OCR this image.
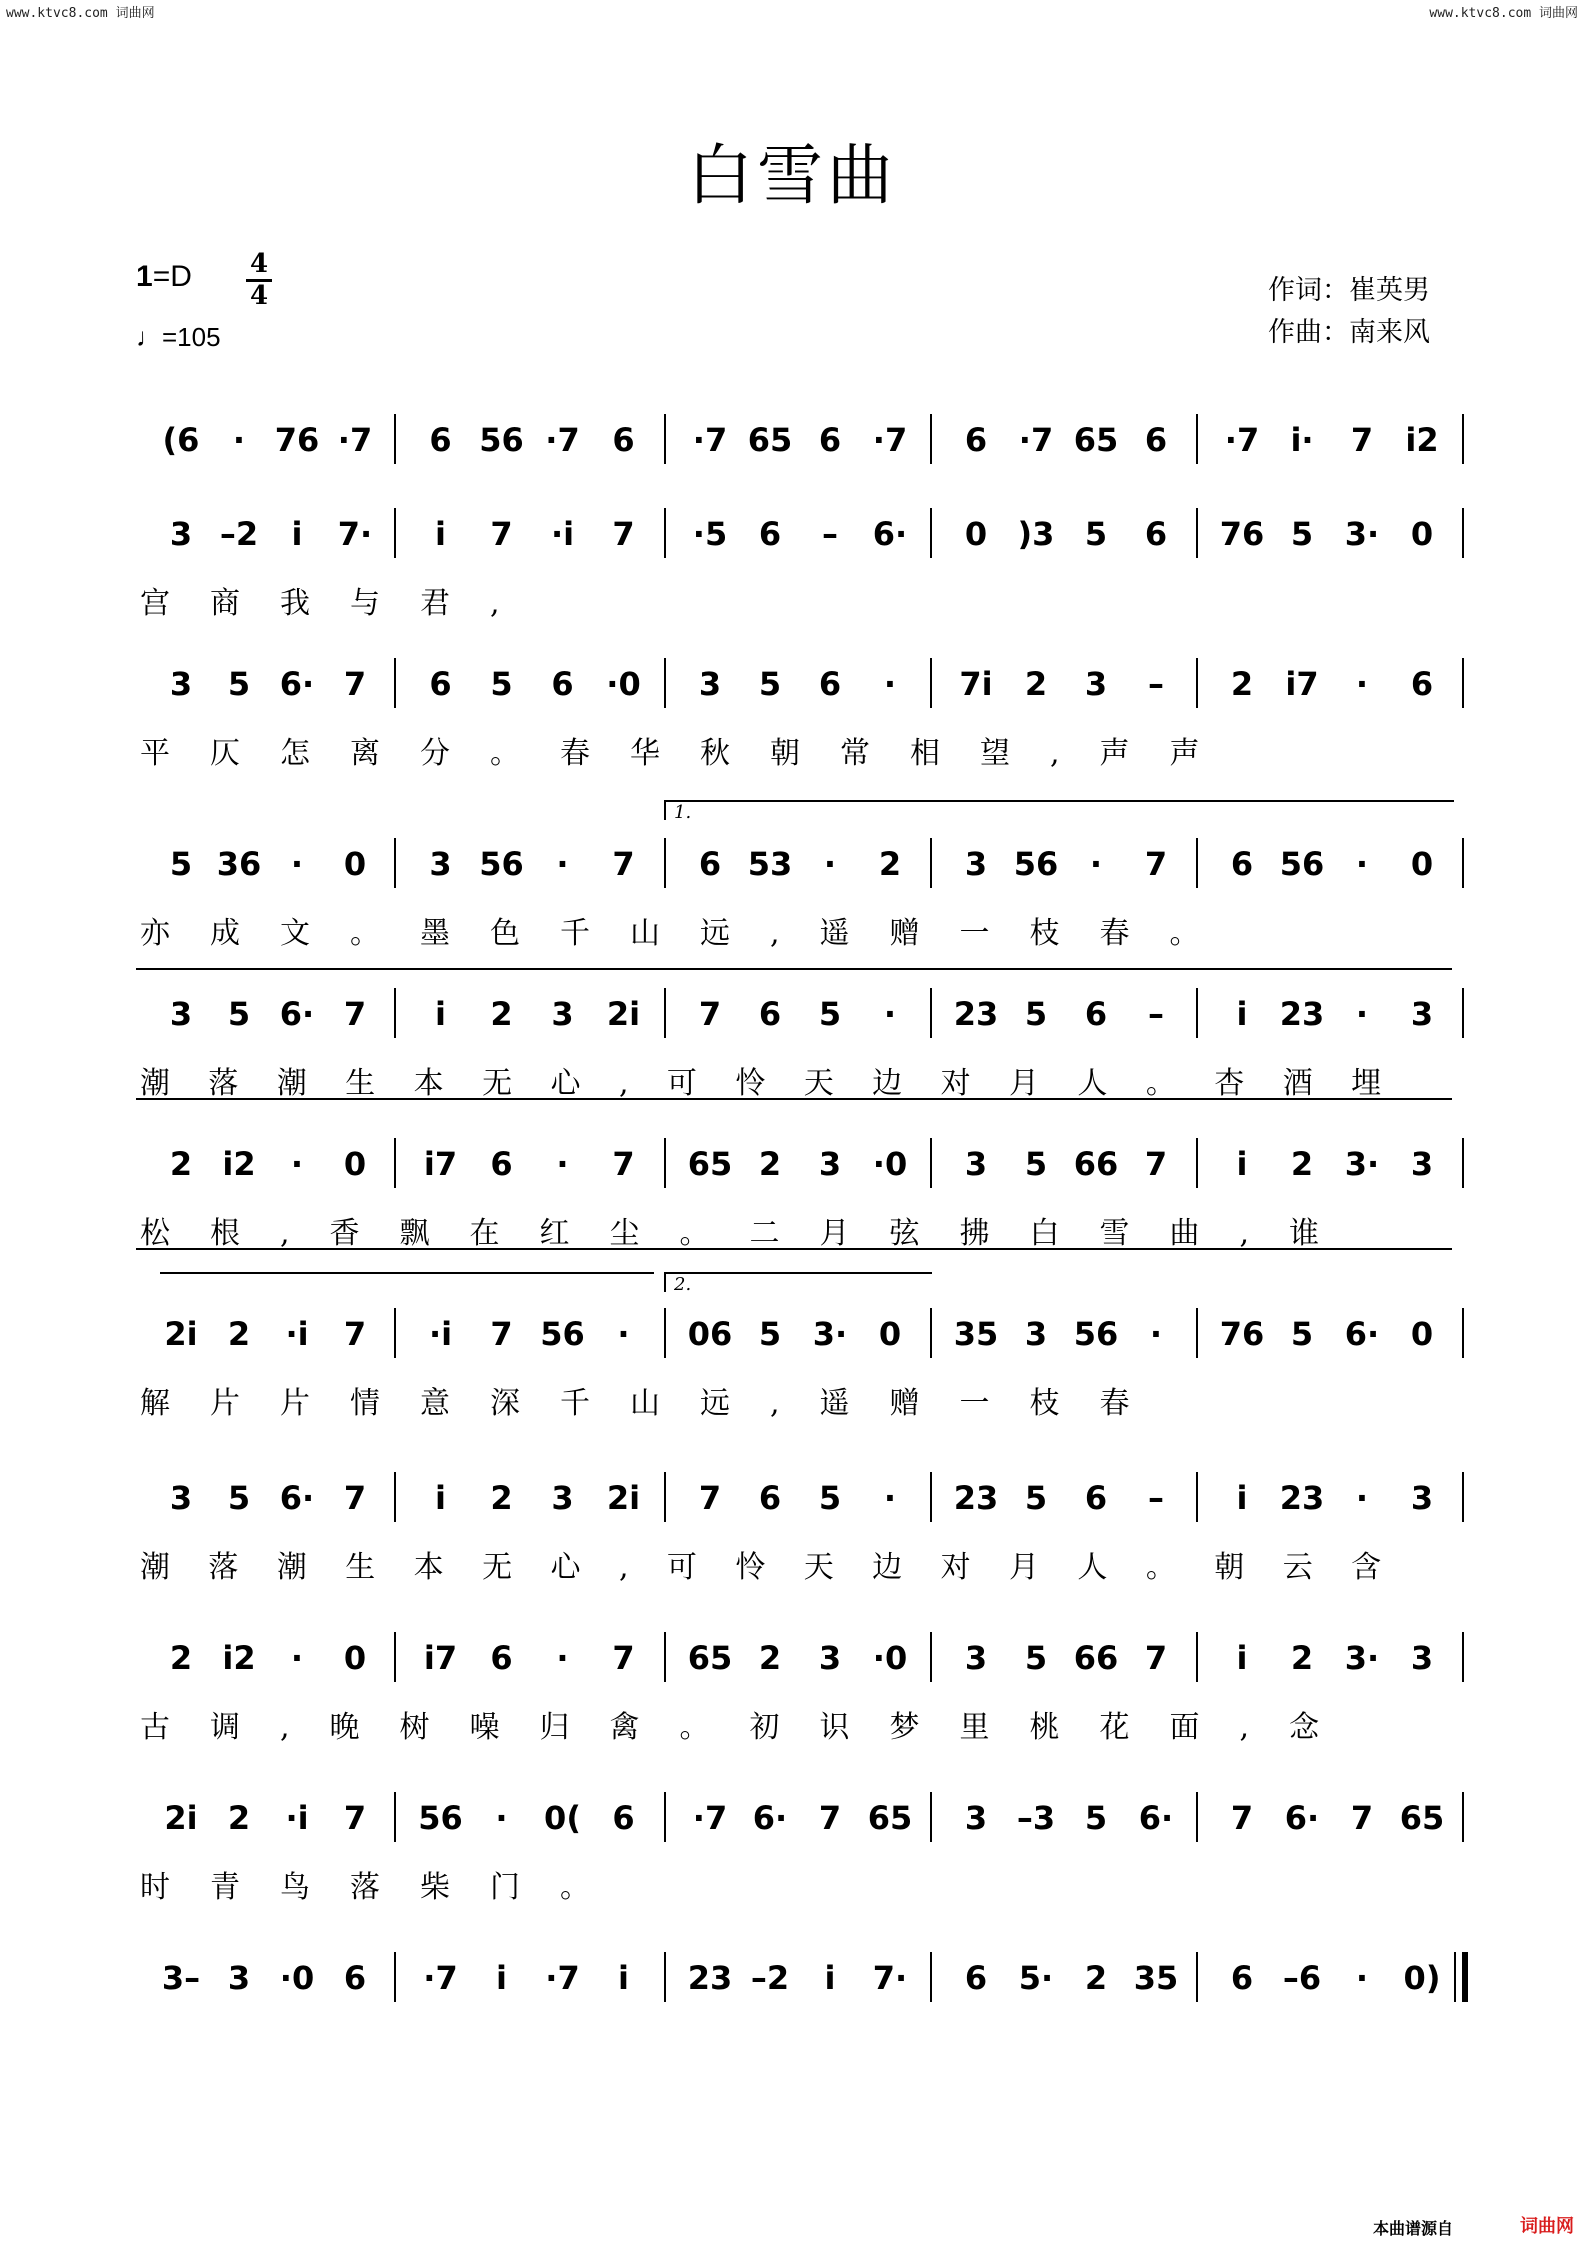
www.ktvc8.com 词曲网	www.ktvc8.com 词曲网
白雪曲
1=D 4
4
♩=105
作词：崔英男
作曲：南来风
(6	· 76 ·7	6 56 ·7	6	·7 65 6 ·7	6 ·7 65 6	·7 i·	7	i2
3 –2	i	7·	i	7	·i	7	·5 6	–	6·	0 )3 5	6	76 5 3· 0
宫商我与君,
3	5 6· 7	6	5	6	·0	3	5	6	·	7i	2	3	–	2	i7	·	6
平仄怎离分。春华秋朝常相望,声声
5 36 ·	0	3 56	·	7	6 53 ·	2	3 56 ·	7	6 56 ·	0
亦成文。墨色千山远,遥赠一枝春。
3	5 6· 7	i	2	3	2i	7	6	5	·	23 5	6	–	i	23 ·	3
潮落潮生本无心,可怜天边对月人。杏酒埋
2 i2	·	0	i7	6	·	7	65 2	3 ·0	3	5 66 7	i	2 3· 3
松根,香飘在红尘。二月弦拂白雪曲,谁
2i 2	·i	7	·i	7 56	·	06 5 3· 0	35 3 56 ·	76 5 6· 0
解片片情意深千山远,遥赠一枝春
3	5 6· 7	i	2	3	2i	7	6	5	·	23 5	6	–	i	23 ·	3
潮落潮生本无心,可怜天边对月人。朝云含
2 i2	·	0	i7	6	·	7	65 2	3 ·0	3	5 66 7	i	2 3· 3
古调,晚树噪归禽。初识梦里桃花面,念
2i 2	·i	7	56	·	0( 6	·7 6· 7 65	3 –3 5 6·	7 6· 7 65
时青鸟落柴门。
3– 3 ·0 6	·7	i	·7	i	23 –2	i	7·	6 5· 2 35	6 –6	·	0)
1.
2.
本曲谱源自	词曲网
